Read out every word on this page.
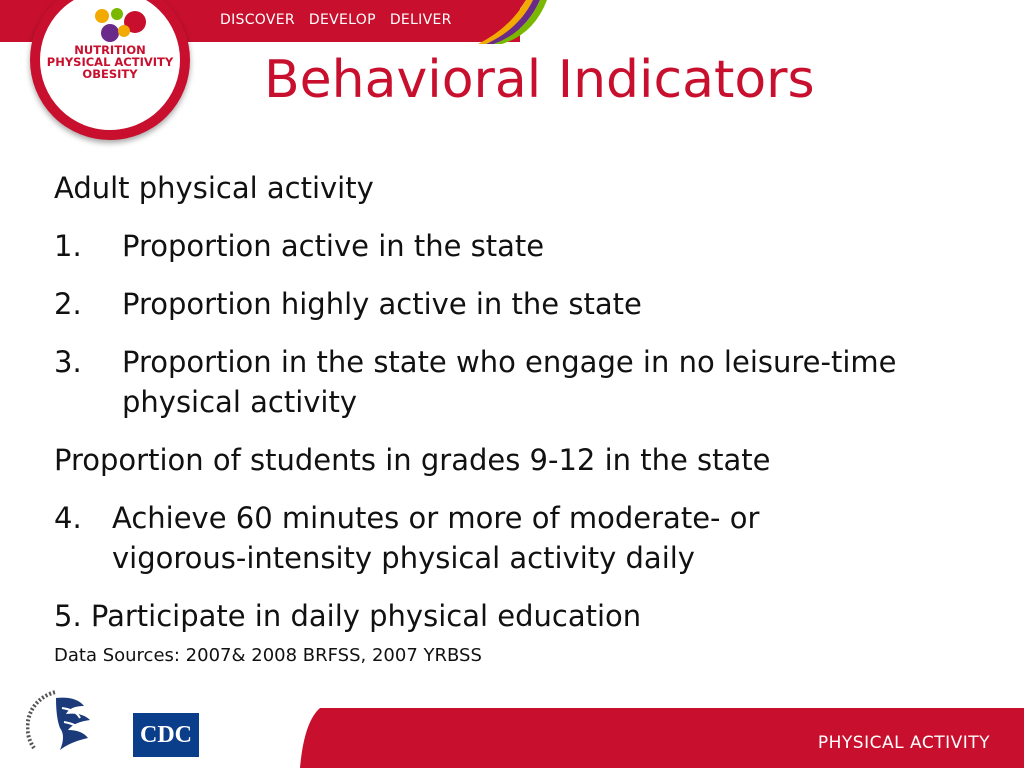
DISCOVER DEVELOP DELIVER
NUTRITION
PHYSICAL ACTIVITY
OBESITY	Behavioral Indicators

Adult physical activity

1.	Proportion active in the state
2.	Proportion highly active in the state
3.	Proportion in the state who engage in no leisure-time physical activity

Proportion of students in grades 9-12 in the state

4.	Achieve 60 minutes or more of moderate- or vigorous-intensity physical activity daily

5. Participate in daily physical education

Data Sources: 2007& 2008 BRFSS, 2007 YRBSS

PHYSICAL ACTIVITY
CDC
